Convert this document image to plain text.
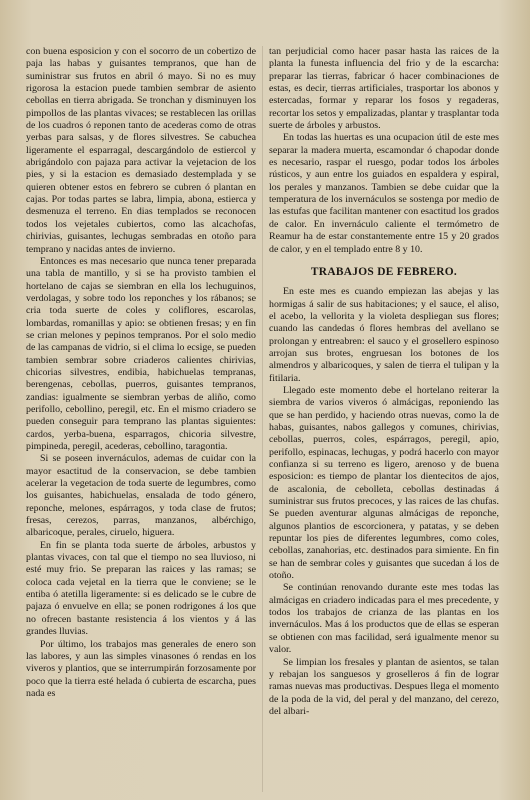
con buena esposicion y con el socorro de un cobertizo de paja las habas y guisantes tempranos, que han de suministrar sus frutos en abril ó mayo. Si no es muy rigorosa la estacion puede tambien sembrar de asiento cebollas en tierra abrigada. Se tronchan y disminuyen los pimpollos de las plantas vivaces; se restablecen las orillas de los cuadros ó reponen tanto de acederas como de otras yerbas para salsas, y de flores silvestres. Se cabuchea ligeramente el esparragal, descargándolo de estiercol y abrigándolo con pajaza para activar la vejetacion de los pies, y si la estacion es demasiado destemplada y se quieren obtener estos en febrero se cubren ó plantan en cajas. Por todas partes se labra, limpia, abona, estierca y desmenuza el terreno. En dias templados se reconocen todos los vejetales cubiertos, como las alcachofas, chirivias, guisantes, lechugas sembradas en otoño para temprano y nacidas antes de invierno.

Entonces es mas necesario que nunca tener preparada una tabla de mantillo, y si se ha provisto tambien el hortelano de cajas se siembran en ella los lechuguinos, verdolagas, y sobre todo los reponches y los rábanos; se cria toda suerte de coles y coliflores, escarolas, lombardas, romanillas y apio: se obtienen fresas; y en fin se crian melones y pepinos tempranos. Por el solo medio de las campanas de vidrio, si el clima lo ecsige, se pueden tambien sembrar sobre criaderos calientes chirivias, chicorias silvestres, endibia, habichuelas tempranas, berengenas, cebollas, puerros, guisantes tempranos, zandias: igualmente se siembran yerbas de aliño, como perifollo, cebollino, peregil, etc. En el mismo criadero se pueden conseguir para temprano las plantas siguientes: cardos, yerba-buena, esparragos, chicoria silvestre, pimpineda, peregil, acederas, cebollino, taragontia.

Si se poseen invernáculos, ademas de cuidar con la mayor esactitud de la conservacion, se debe tambien acelerar la vegetacion de toda suerte de legumbres, como los guisantes, habichuelas, ensalada de todo género, reponche, melones, espárragos, y toda clase de frutos; fresas, cerezos, parras, manzanos, albérchigo, albaricoque, perales, ciruelo, higuera.

En fin se planta toda suerte de árboles, arbustos y plantas vivaces, con tal que el tiempo no sea lluvioso, ni esté muy frio. Se preparan las raices y las ramas; se coloca cada vejetal en la tierra que le conviene; se le entiba ó atetilla ligeramente: si es delicado se le cubre de pajaza ó envuelve en ella; se ponen rodrigones á los que no ofrecen bastante resistencia á los vientos y á las grandes lluvias.

Por último, los trabajos mas generales de enero son las labores, y aun las simples vinasones ó rendas en los viveros y plantios, que se interrumpirán forzosamente por poco que la tierra esté helada ó cubierta de escarcha, pues nada es

tan perjudicial como hacer pasar hasta las raices de la planta la funesta influencia del frio y de la escarcha: preparar las tierras, fabricar ó hacer combinaciones de estas, es decir, tierras artificiales, trasportar los abonos y estercadas, formar y reparar los fosos y regaderas, recortar los setos y empalizadas, plantar y trasplantar toda suerte de árboles y arbustos.

En todas las huertas es una ocupacion útil de este mes separar la madera muerta, escamondar ó chapodar donde es necesario, raspar el ruesgo, podar todos los árboles rústicos, y aun entre los guiados en espaldera y espiral, los perales y manzanos. Tambien se debe cuidar que la temperatura de los invernáculos se sostenga por medio de las estufas que facilitan mantener con esactitud los grados de calor. En invernáculo caliente el termómetro de Reamur ha de estar constantemente entre 15 y 20 grados de calor, y en el templado entre 8 y 10.

TRABAJOS DE FEBRERO.

En este mes es cuando empiezan las abejas y las hormigas á salir de sus habitaciones; y el sauce, el aliso, el acebo, la vellorita y la violeta despliegan sus flores; cuando las candedas ó flores hembras del avellano se prolongan y entreabren: el sauco y el grosellero espinoso arrojan sus brotes, engruesan los botones de los almendros y albaricoques, y salen de tierra el tulipan y la fitilaria.

Llegado este momento debe el hortelano reiterar la siembra de varios viveros ó almácigas, reponiendo las que se han perdido, y haciendo otras nuevas, como la de habas, guisantes, nabos gallegos y comunes, chirivias, cebollas, puerros, coles, espárragos, peregil, apio, perifollo, espinacas, lechugas, y podrá hacerlo con mayor confianza si su terreno es ligero, arenoso y de buena esposicion: es tiempo de plantar los dientecitos de ajos, de ascalonia, de cebolleta, cebollas destinadas á suministrar sus frutos precoces, y las raices de las chufas. Se pueden aventurar algunas almácigas de reponche, algunos plantios de escorcionera, y patatas, y se deben repuntar los pies de diferentes legumbres, como coles, cebollas, zanahorias, etc. destinados para simiente. En fin se han de sembrar coles y guisantes que sucedan á los de otoño.

Se continúan renovando durante este mes todas las almácigas en criadero indicadas para el mes precedente, y todos los trabajos de crianza de las plantas en los invernáculos. Mas á los productos que de ellas se esperan se obtienen con mas facilidad, será igualmente menor su valor.

Se limpian los fresales y plantan de asientos, se talan y rebajan los sanguesos y groselleros á fin de lograr ramas nuevas mas productivas. Despues llega el momento de la poda de la vid, del peral y del manzano, del cerezo, del albari-
